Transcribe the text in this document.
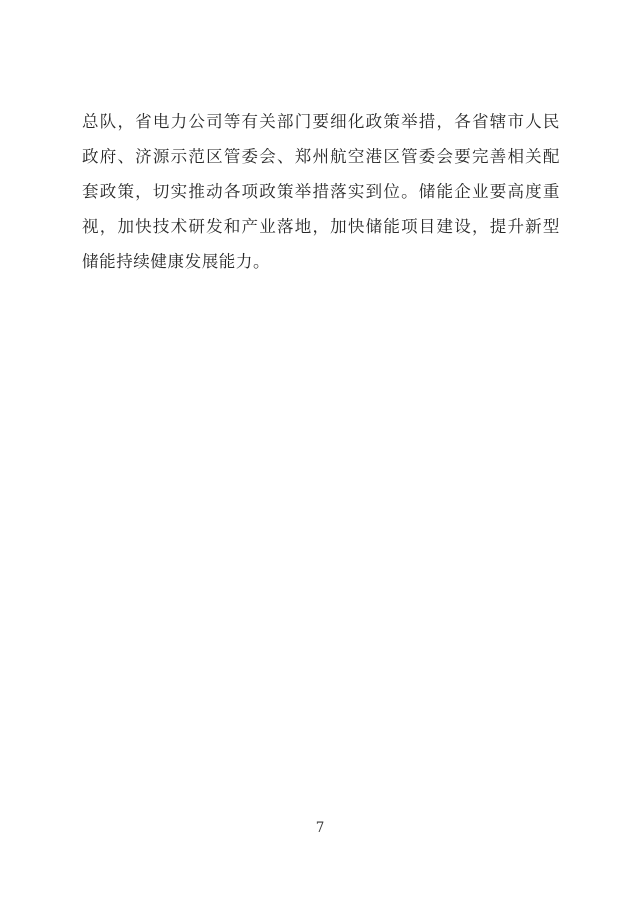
总队，省电力公司等有关部门要细化政策举措，各省辖市人民政府、济源示范区管委会、郑州航空港区管委会要完善相关配套政策，切实推动各项政策举措落实到位。储能企业要高度重视，加快技术研发和产业落地，加快储能项目建设，提升新型储能持续健康发展能力。

7
